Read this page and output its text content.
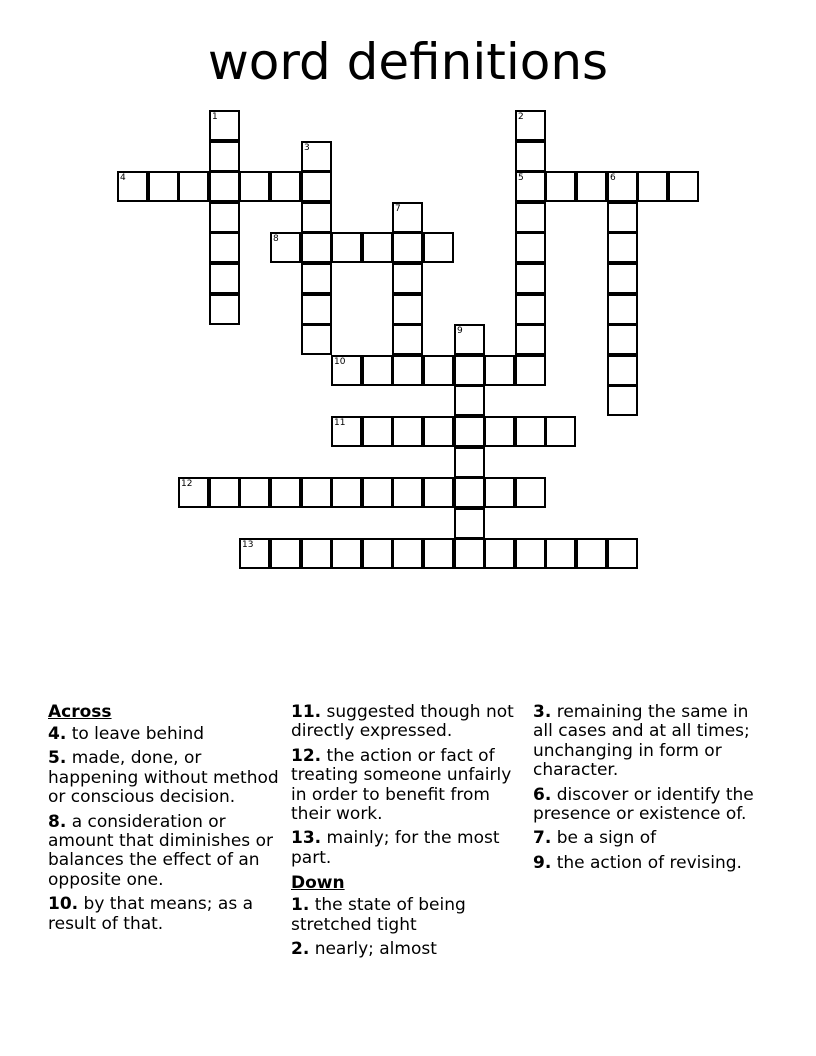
word definitions
4	5	6
8
10
11
12
13
1	2
3
7
9
Across
4. to leave behind
5. made, done, or happening without method or conscious decision.
8. a consideration or amount that diminishes or balances the effect of an opposite one.
10. by that means; as a result of that.
11. suggested though not directly expressed.
12. the action or fact of treating someone unfairly in order to benefit from their work.
13. mainly; for the most part.
Down
1. the state of being stretched tight
2. nearly; almost
3. remaining the same in all cases and at all times; unchanging in form or character.
6. discover or identify the presence or existence of.
7. be a sign of
9. the action of revising.
